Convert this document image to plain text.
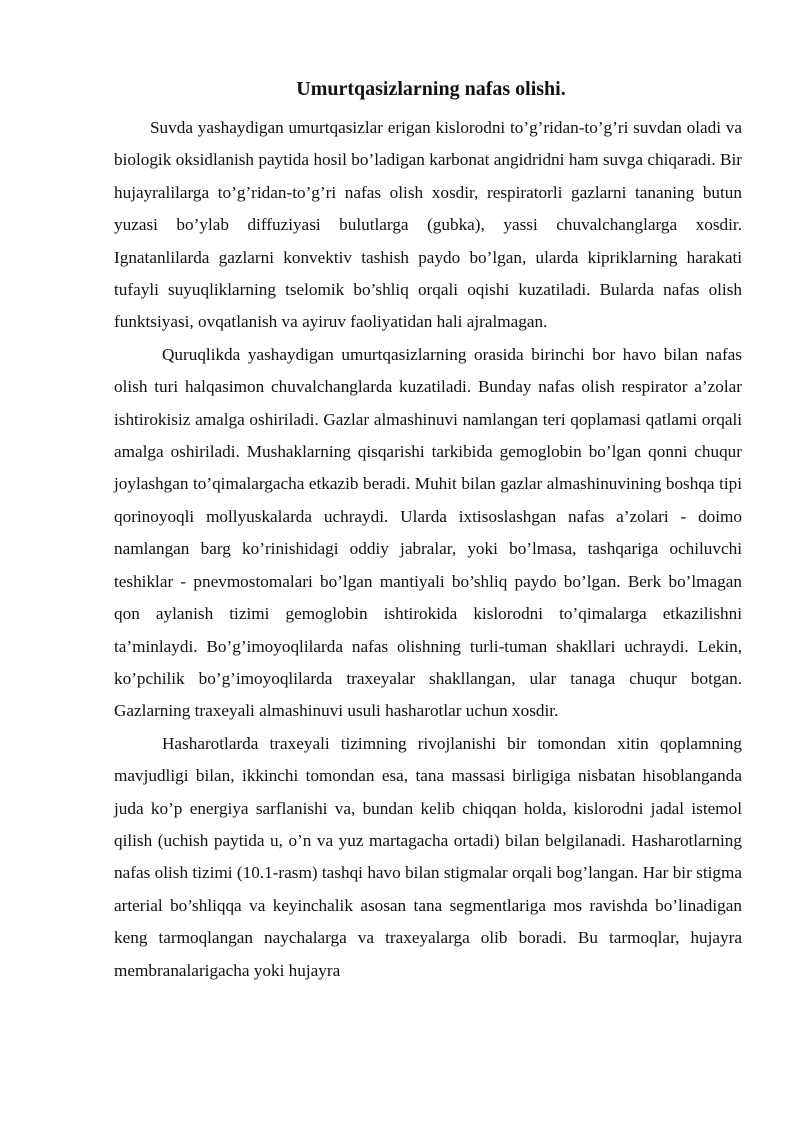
Umurtqasizlarning nafas olishi.

Suvda yashaydigan umurtqasizlar erigan kislorodni to’g’ridan-to’g’ri suvdan oladi va biologik oksidlanish paytida hosil bo’ladigan karbonat angidridni ham suvga chiqaradi. Bir hujayralilarga to’g’ridan-to’g’ri nafas olish xosdir, respiratorli gazlarni tananing butun yuzasi bo’ylab diffuziyasi bulutlarga (gubka), yassi chuvalchanglarga xosdir. Ignatanlilarda gazlarni konvektiv tashish paydo bo’lgan, ularda kipriklarning harakati tufayli suyuqliklarning tselomik bo’shliq orqali oqishi kuzatiladi. Bularda nafas olish funktsiyasi, ovqatlanish va ayiruv faoliyatidan hali ajralmagan.

Quruqlikda yashaydigan umurtqasizlarning orasida birinchi bor havo bilan nafas olish turi halqasimon chuvalchanglarda kuzatiladi. Bunday nafas olish respirator a’zolar ishtirokisiz amalga oshiriladi. Gazlar almashinuvi namlangan teri qoplamasi qatlami orqali amalga oshiriladi. Mushaklarning qisqarishi tarkibida gemoglobin bo’lgan qonni chuqur joylashgan to’qimalargacha etkazib beradi. Muhit bilan gazlar almashinuvining boshqa tipi qorinoyoqli mollyuskalarda uchraydi. Ularda ixtisoslashgan nafas a’zolari - doimo namlangan barg ko’rinishidagi oddiy jabralar, yoki bo’lmasa, tashqariga ochiluvchi teshiklar - pnevmostomalari bo’lgan mantiyali bo’shliq paydo bo’lgan. Berk bo’lmagan qon aylanish tizimi gemoglobin ishtirokida kislorodni to’qimalarga etkazilishni ta’minlaydi. Bo’g’imoyoqlilarda nafas olishning turli-tuman shakllari uchraydi. Lekin, ko’pchilik bo’g’imoyoqlilarda traxeyalar shakllangan, ular tanaga chuqur botgan. Gazlarning traxeyali almashinuvi usuli hasharotlar uchun xosdir.

Hasharotlarda traxeyali tizimning rivojlanishi bir tomondan xitin qoplamning mavjudligi bilan, ikkinchi tomondan esa, tana massasi birligiga nisbatan hisoblanganda juda ko’p energiya sarflanishi va, bundan kelib chiqqan holda, kislorodni jadal istemol qilish (uchish paytida u, o’n va yuz martagacha ortadi) bilan belgilanadi. Hasharotlarning nafas olish tizimi (10.1-rasm) tashqi havo bilan stigmalar orqali bog’langan. Har bir stigma arterial bo’shliqqa va keyinchalik asosan tana segmentlariga mos ravishda bo’linadigan keng tarmoqlangan naychalarga va traxeyalarga olib boradi. Bu tarmoqlar, hujayra membranalarigacha yoki hujayra
